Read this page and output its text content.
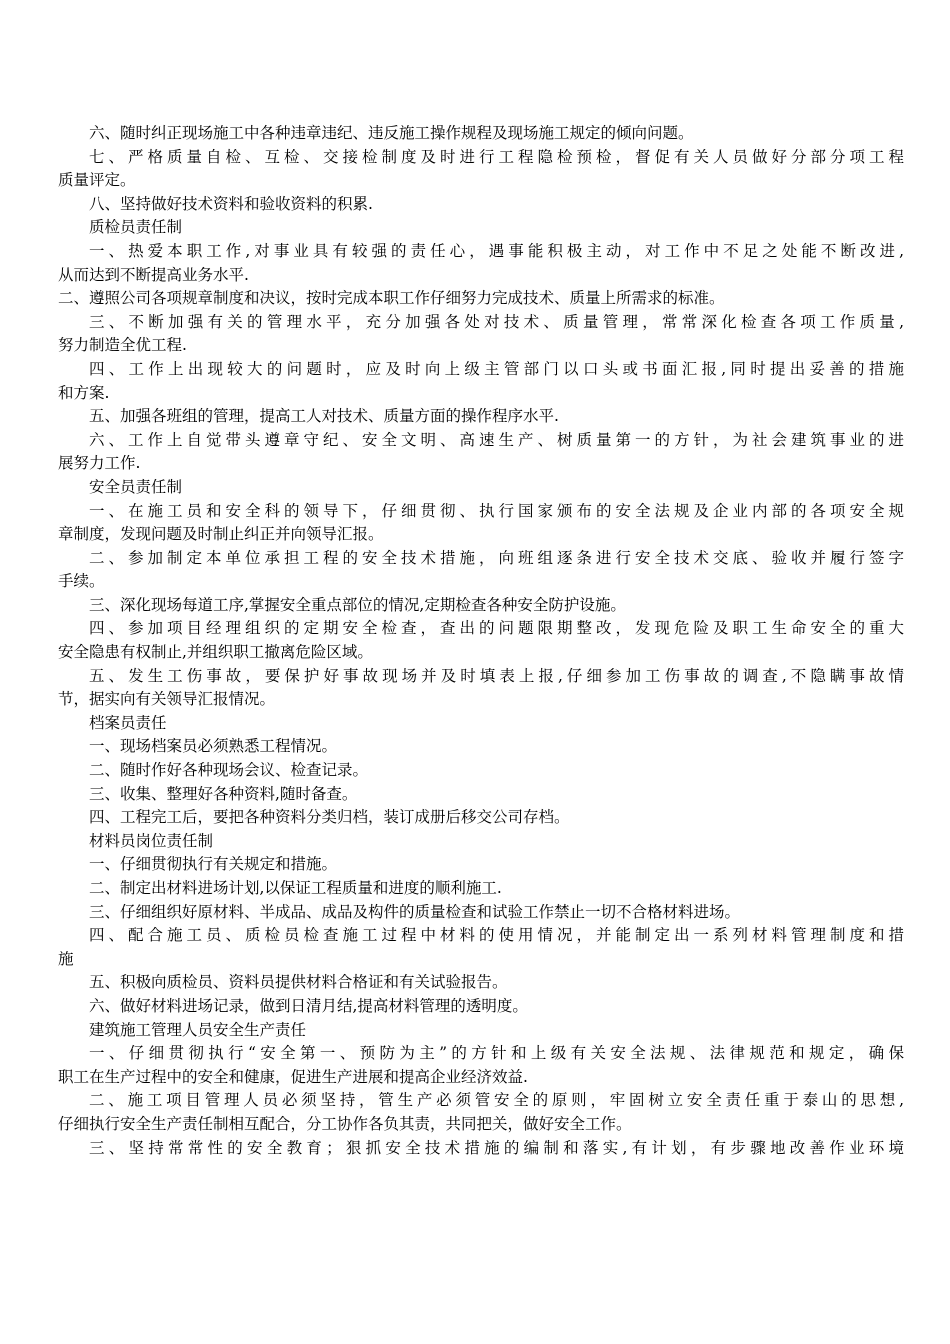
六、随时纠正现场施工中各种违章违纪、违反施工操作规程及现场施工规定的倾向问题。
七、严格质量自检、互检、交接检制度及时进行工程隐检预检，督促有关人员做好分部分项工程
质量评定。
八、坚持做好技术资料和验收资料的积累.
质检员责任制
一、热爱本职工作,对事业具有较强的责任心，遇事能积极主动，对工作中不足之处能不断改进,
从而达到不断提高业务水平.
二、遵照公司各项规章制度和决议，按时完成本职工作仔细努力完成技术、质量上所需求的标准。
三、不断加强有关的管理水平，充分加强各处对技术、质量管理，常常深化检查各项工作质量,
努力制造全优工程.
四、工作上出现较大的问题时，应及时向上级主管部门以口头或书面汇报,同时提出妥善的措施
和方案.
五、加强各班组的管理，提高工人对技术、质量方面的操作程序水平.
六、工作上自觉带头遵章守纪、安全文明、高速生产、树质量第一的方针，为社会建筑事业的进
展努力工作.
安全员责任制
一、在施工员和安全科的领导下，仔细贯彻、执行国家颁布的安全法规及企业内部的各项安全规
章制度，发现问题及时制止纠正并向领导汇报。
二、参加制定本单位承担工程的安全技术措施，向班组逐条进行安全技术交底、验收并履行签字
手续。
三、深化现场每道工序,掌握安全重点部位的情况,定期检查各种安全防护设施。
四、参加项目经理组织的定期安全检查，查出的问题限期整改，发现危险及职工生命安全的重大
安全隐患有权制止,并组织职工撤离危险区域。
五、发生工伤事故，要保护好事故现场并及时填表上报,仔细参加工伤事故的调查,不隐瞒事故情
节，据实向有关领导汇报情况。
档案员责任
一、现场档案员必须熟悉工程情况。
二、随时作好各种现场会议、检查记录。
三、收集、整理好各种资料,随时备查。
四、工程完工后，要把各种资料分类归档，装订成册后移交公司存档。
材料员岗位责任制
一、仔细贯彻执行有关规定和措施。
二、制定出材料进场计划,以保证工程质量和进度的顺利施工.
三、仔细组织好原材料、半成品、成品及构件的质量检查和试验工作禁止一切不合格材料进场。
四、配合施工员、质检员检查施工过程中材料的使用情况，并能制定出一系列材料管理制度和措
施
五、积极向质检员、资料员提供材料合格证和有关试验报告。
六、做好材料进场记录，做到日清月结,提高材料管理的透明度。
建筑施工管理人员安全生产责任
一、仔细贯彻执行“安全第一、预防为主”的方针和上级有关安全法规、法律规范和规定，确保
职工在生产过程中的安全和健康，促进生产进展和提高企业经济效益.
二、施工项目管理人员必须坚持，管生产必须管安全的原则，牢固树立安全责任重于泰山的思想,
仔细执行安全生产责任制相互配合，分工协作各负其责，共同把关，做好安全工作。
三、坚持常常性的安全教育；狠抓安全技术措施的编制和落实,有计划，有步骤地改善作业环境
